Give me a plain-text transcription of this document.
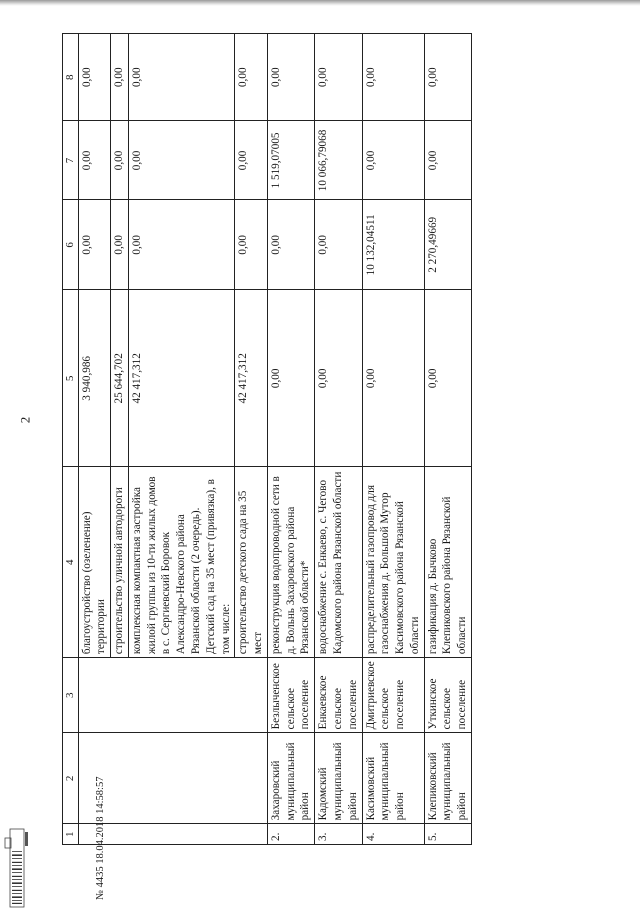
2
1	2	3	4	5	6	7	8
			благоустройство (озеленение) территории	3 940,986	0,00	0,00	0,00
			строительство уличной автодороги	25 644,702	0,00	0,00	0,00
			комплексная компактная застройка жилой группы из 10-ти жилых домов в с. Сергиевский Боровок Александро-Невского района Рязанской области (2 очередь). Детский сад на 35 мест (привязка), в том числе:	42 417,312	0,00	0,00	0,00
			строительство детского сада на 35 мест	42 417,312	0,00	0,00	0,00
2.	Захаровский муниципальный район	Безлыченское сельское поселение	реконструкция водопроводной сети в д. Вольнь Захаровского района Рязанской области*	0,00	0,00	1 519,07005	0,00
3.	Кадомский муниципальный район	Енкаевское сельское поселение	водоснабжение с. Енкаево, с. Чегово Кадомского района Рязанской области	0,00	0,00	10 066,79068	0,00
4.	Касимовский муниципальный район	Дмитриевское сельское поселение	распределительный газопровод для газоснабжения д. Большой Мутор Касимовского района Рязанской области	0,00	10 132,04511	0,00	0,00
5.	Клепиковский муниципальный район	Уткинское сельское поселение	газификация д. Бычково Клепиковского района Рязанской области	0,00	2 270,49669	0,00	0,00
№ 4435 18.04.2018 14:58:57
